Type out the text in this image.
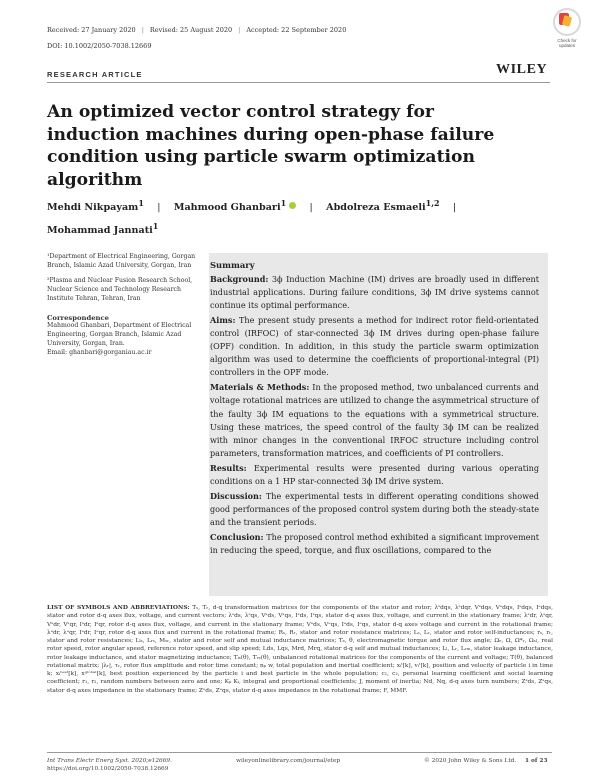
Received: 27 January 2020 | Revised: 25 August 2020 | Accepted: 22 September 2020
DOI: 10.1002/2050-7038.12669
Check for
updates
RESEARCH ARTICLE	WILEY
An optimized vector control strategy for induction machines during open-phase failure condition using particle swarm optimization algorithm
Mehdi Nikpayam$^1$ | Mahmood Ghanbari$^1$ | Abdolreza Esmaeli$^{1,2}$ |
Mohammad Jannati$^1$

¹Department of Electrical Engineering, Gorgan Branch, Islamic Azad University, Gorgan, Iran

²Plasma and Nuclear Fusion Research School, Nuclear Science and Technology Research Institute Tehran, Tehran, Iran

Correspondence

Mahmood Ghanbari, Department of Electrical Engineering, Gorgan Branch, Islamic Azad University, Gorgan, Iran.

Email: ghanbari@gorganiau.ac.ir

Summary

Background: 3ϕ Induction Machine (IM) drives are broadly used in different industrial applications. During failure conditions, 3ϕ IM drive systems cannot continue its optimal performance.

Aims: The present study presents a method for indirect rotor field-orientated control (IRFOC) of star-connected 3ϕ IM drives during open-phase failure (OPF) condition. In addition, in this study the particle swarm optimization algorithm was used to determine the coefficients of proportional-integral (PI) controllers in the OPF mode.

Materials & Methods: In the proposed method, two unbalanced currents and voltage rotational matrices are utilized to change the asymmetrical structure of the faulty 3ϕ IM equations to the equations with a symmetrical structure. Using these matrices, the speed control of the faulty 3ϕ IM can be realized with minor changes in the conventional IRFOC structure including control parameters, transformation matrices, and coefficients of PI controllers.

Results: Experimental results were presented during various operating conditions on a 1 HP star-connected 3ϕ IM drive system.

Discussion: The experimental tests in different operating conditions showed good performances of the proposed control system during both the steady-state and the transient periods.

Conclusion: The proposed control method exhibited a significant improvement in reducing the speed, torque, and flux oscillations, compared to the

LIST OF SYMBOLS AND ABBREVIATIONS: Tₛ, Tᵣ, d-q transformation matrices for the components of the stator and rotor; λˢdqs, λˢdqr, Vˢdqs, Vᵉdqs, Iˢdqs, Iᵉdqs, stator and rotor d-q axes flux, voltage, and current vectors; λˢds, λˢqs, Vˢds, Vˢqs, Iˢds, Iˢqs, stator d-q axes flux, voltage, and current in the stationary frame; λˢdr, λˢqr, Vˢdr, Vˢqr, Iˢdr, Iˢqr, rotor d-q axes flux, voltage, and current in the stationary frame; Vᵉds, Vᵉqs, Iᵉds, Iᵉqs, stator d-q axes voltage and current in the rotational frame; λᵉdr, λᵉqr, Iᵉdr, Iᵉqr, rotor d-q axes flux and current in the rotational frame; Rₛ, Rᵣ, stator and rotor resistance matrices; Lₛ, Lᵣ, stator and rotor self-inductances; rₛ, rᵣ, stator and rotor resistances; Lₗₛ, Lᵣₛ, Mₛᵣ, stator and rotor self and mutual inductance matrices; Tₑ, θ, electromagnetic torque and rotor flux angle; Ωₑ, Ω, Ω*ᵣ, Ωₛₗ, real rotor speed, rotor angular speed, reference rotor speed, and slip speed; Lds, Lqs, Mrd, Mrq, stator d-q self and mutual inductances; Lₗ, Lᵣ, Lᵣₘ, stator leakage inductance, rotor leakage inductance, and stator magnetizing inductance; Tᵢₛ(θ), Tᵥₛ(θ), unbalanced rotational matrices for the components of the current and voltage; T(θ), balanced rotational matrix; |λᵣ|, τᵣ, rotor flux amplitude and rotor time constant; nₚ w, total population and inertial coefficient; xᵢᵗ[k], vᵢᵗ[k], position and velocity of particle i in time k; xᵢᵇᵉˢᵗ[k], xᵍˡᵒᵇᵃˡ[k], best position experienced by the particle i and best particle in the whole population; c₁, c₂, personal learning coefficient and social learning coefficient; r₁, r₂, random numbers between zero and one; Kₚ Kᵢ, integral and proportional coefficients; J, moment of inertia; Nd, Nq, d-q axes turn numbers; Zˢds, Zˢqs, stator d-q axes impedance in the stationary frame; Zᵉds, Zᵉqs, stator d-q axes impedance in the rotational frame; F, MMF.
Int Trans Electr Energ Syst. 2020;e12669.
https://doi.org/10.1002/2050-7038.12669
wileyonlinelibrary.com/journal/etep	© 2020 John Wiley & Sons Ltd. 1 of 23
